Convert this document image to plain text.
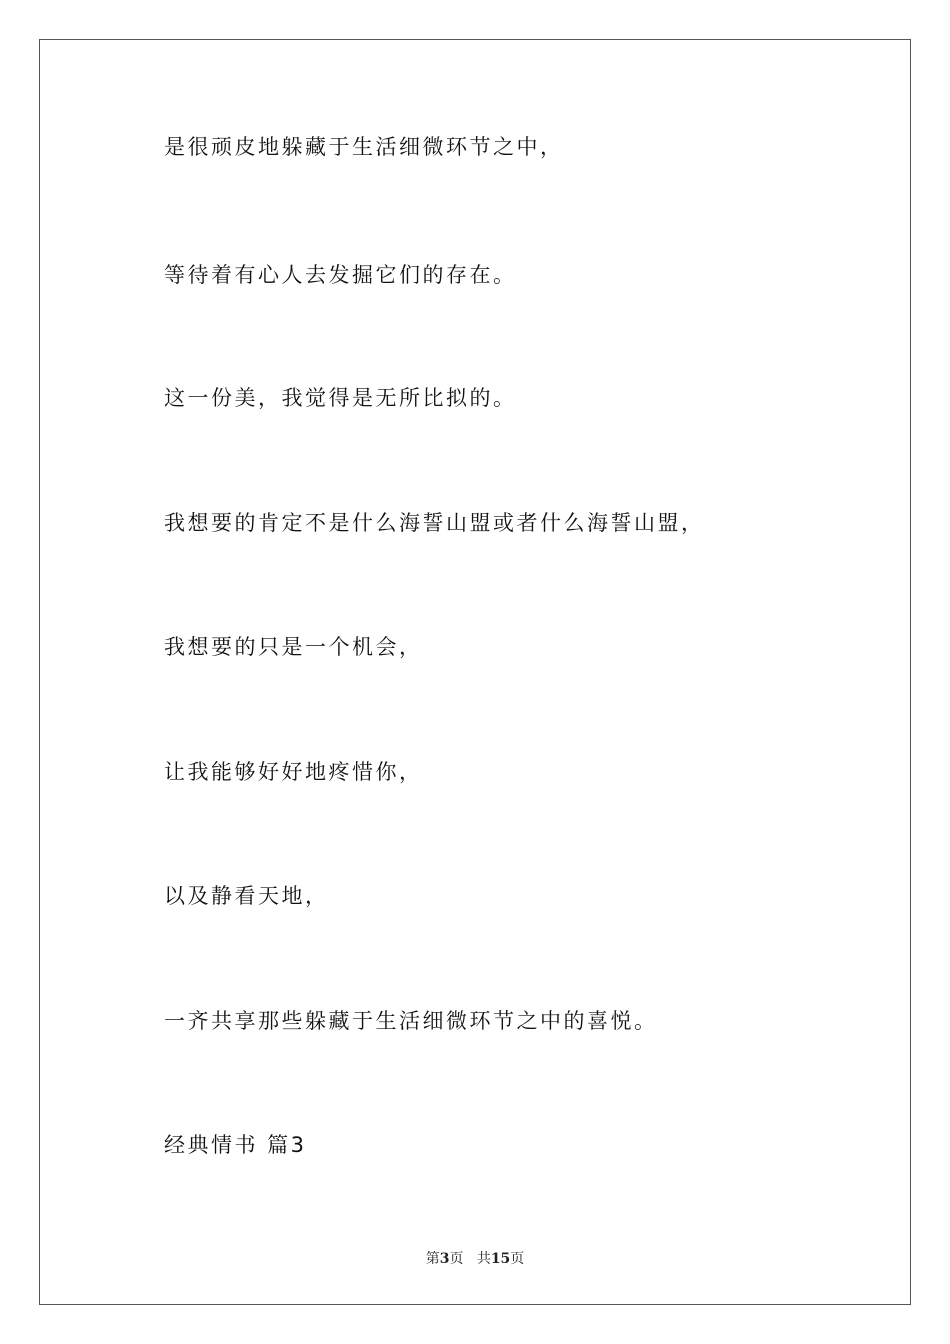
是很顽皮地躲藏于生活细微环节之中，
等待着有心人去发掘它们的存在。
这一份美，我觉得是无所比拟的。
我想要的肯定不是什么海誓山盟或者什么海誓山盟，
我想要的只是一个机会，
让我能够好好地疼惜你，
以及静看天地，
一齐共享那些躲藏于生活细微环节之中的喜悦。
经典情书 篇3
第3页 共15页
